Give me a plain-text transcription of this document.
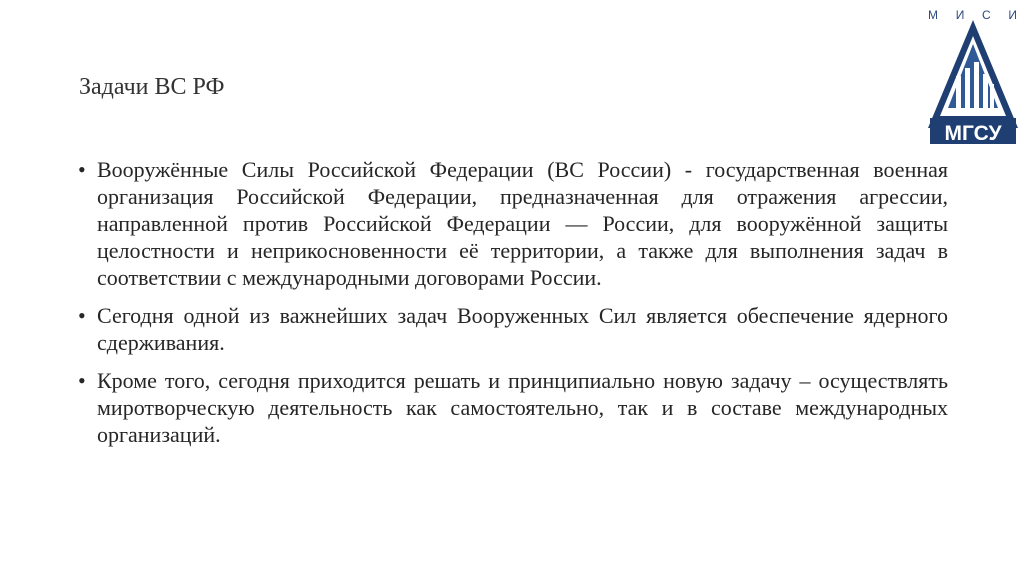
Задачи ВС РФ
• Вооружённые Силы Российской Федерации (ВС России) - государственная военная организация Российской Федерации, предназначенная для отражения агрессии, направленной против Российской Федерации — России, для вооружённой защиты целостности и неприкосновенности её территории, а также для выполнения задач в соответствии с международными договорами России.
• Сегодня одной из важнейших задач Вооруженных Сил является обеспечение ядерного сдерживания.
• Кроме того, сегодня приходится решать и принципиально новую задачу – осуществлять миротворческую деятельность как самостоятельно, так и в составе международных организаций.
М И С И
МГСУ
